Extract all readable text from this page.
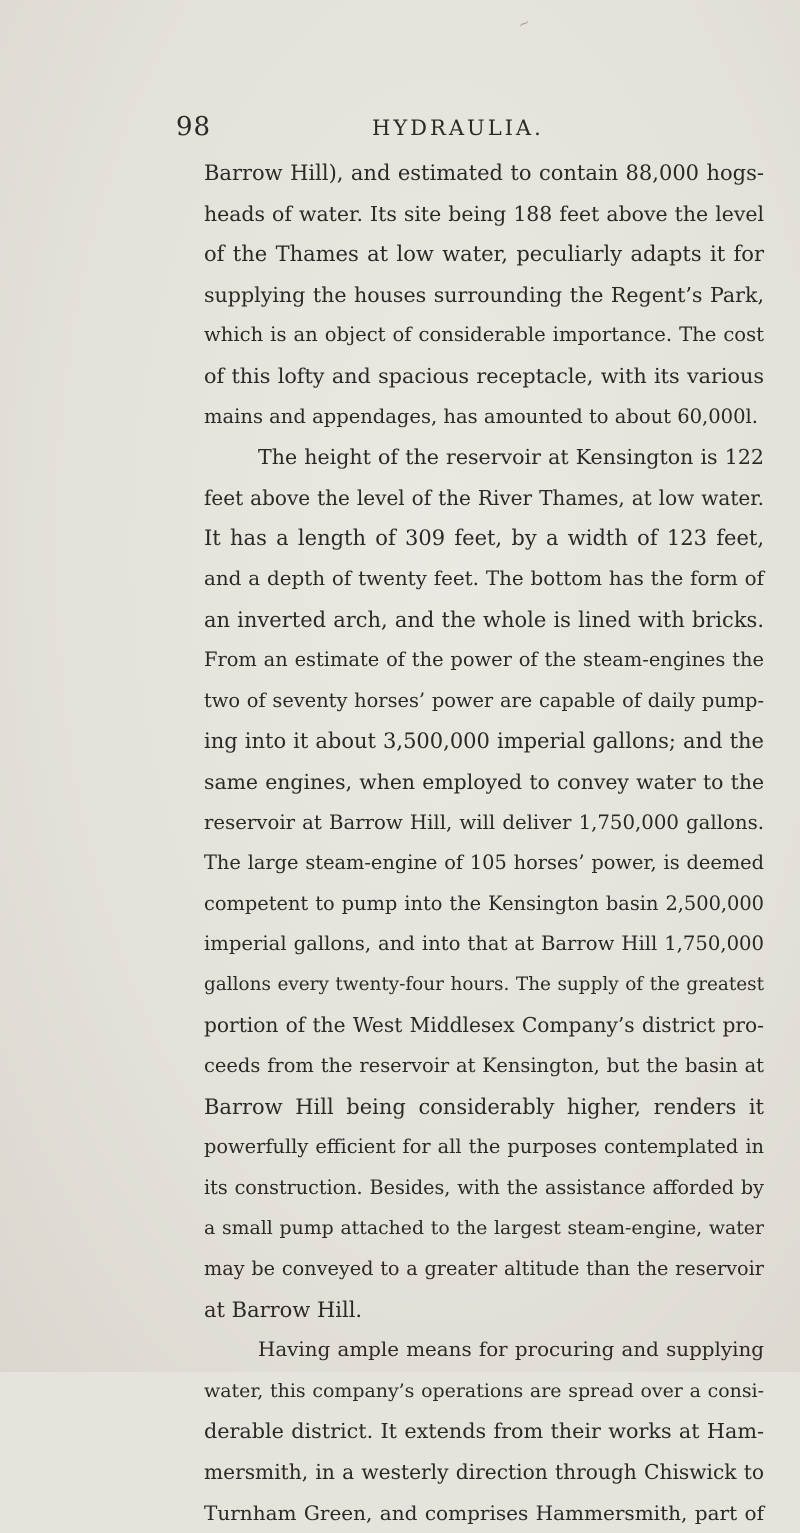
~
98	HYDRAULIA.
Barrow Hill), and estimated to contain 88,000 hogs-
heads of water. Its site being 188 feet above the level
of the Thames at low water, peculiarly adapts it for
supplying the houses surrounding the Regent’s Park,
which is an object of considerable importance. The cost
of this lofty and spacious receptacle, with its various
mains and appendages, has amounted to about 60,000l.
The height of the reservoir at Kensington is 122
feet above the level of the River Thames, at low water.
It has a length of 309 feet, by a width of 123 feet,
and a depth of twenty feet. The bottom has the form of
an inverted arch, and the whole is lined with bricks.
From an estimate of the power of the steam-engines the
two of seventy horses’ power are capable of daily pump-
ing into it about 3,500,000 imperial gallons; and the
same engines, when employed to convey water to the
reservoir at Barrow Hill, will deliver 1,750,000 gallons.
The large steam-engine of 105 horses’ power, is deemed
competent to pump into the Kensington basin 2,500,000
imperial gallons, and into that at Barrow Hill 1,750,000
gallons every twenty-four hours. The supply of the greatest
portion of the West Middlesex Company’s district pro-
ceeds from the reservoir at Kensington, but the basin at
Barrow Hill being considerably higher, renders it
powerfully efficient for all the purposes contemplated in
its construction. Besides, with the assistance afforded by
a small pump attached to the largest steam-engine, water
may be conveyed to a greater altitude than the reservoir
at Barrow Hill.
Having ample means for procuring and supplying
water, this company’s operations are spread over a consi-
derable district. It extends from their works at Ham-
mersmith, in a westerly direction through Chiswick to
Turnham Green, and comprises Hammersmith, part of
